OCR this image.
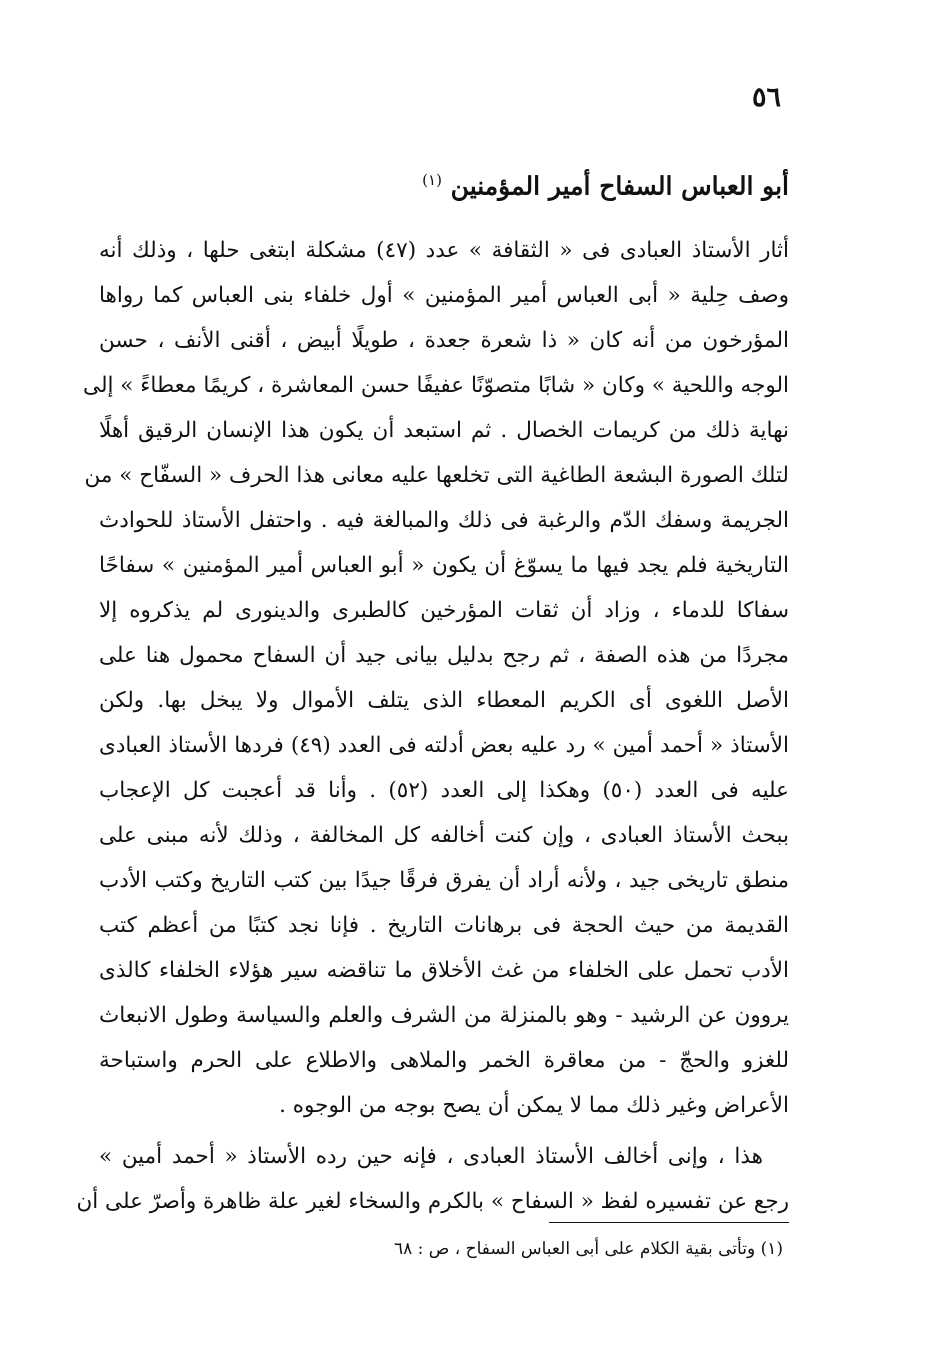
٥٦
أبو العباس السفاح أمير المؤمنين $^{(١)}$

أثار الأستاذ العبادى فى « الثقافة » عدد (٤٧) مشكلة ابتغى حلها ، وذلك أنه
وصف حِلية « أبى العباس أمير المؤمنين » أول خلفاء بنى العباس كما رواها
المؤرخون من أنه كان « ذا شعرة جعدة ، طويلًا أبيض ، أقنى الأنف ، حسن
الوجه واللحية » وكان « شابًا متصوّنًا عفيفًا حسن المعاشرة ، كريمًا معطاءً » إلى
نهاية ذلك من كريمات الخصال . ثم استبعد أن يكون هذا الإنسان الرقيق أهلًا
لتلك الصورة البشعة الطاغية التى تخلعها عليه معانى هذا الحرف « السفّاح » من
الجريمة وسفك الدّم والرغبة فى ذلك والمبالغة فيه . واحتفل الأستاذ للحوادث
التاريخية فلم يجد فيها ما يسوّغ أن يكون « أبو العباس أمير المؤمنين » سفاحًا
سفاكا للدماء ، وزاد أن ثقات المؤرخين كالطبرى والدينورى لم يذكروه إلا
مجردًا من هذه الصفة ، ثم رجح بدليل بيانى جيد أن السفاح محمول هنا على
الأصل اللغوى أى الكريم المعطاء الذى يتلف الأموال ولا يبخل بها. ولكن
الأستاذ « أحمد أمين » رد عليه بعض أدلته فى العدد (٤٩) فردها الأستاذ العبادى
عليه فى العدد (٥٠) وهكذا إلى العدد (٥٢) . وأنا قد أعجبت كل الإعجاب
ببحث الأستاذ العبادى ، وإن كنت أخالفه كل المخالفة ، وذلك لأنه مبنى على
منطق تاريخى جيد ، ولأنه أراد أن يفرق فرقًا جيدًا بين كتب التاريخ وكتب الأدب
القديمة من حيث الحجة فى برهانات التاريخ . فإنا نجد كتبًا من أعظم كتب
الأدب تحمل على الخلفاء من غث الأخلاق ما تناقضه سير هؤلاء الخلفاء كالذى
يروون عن الرشيد - وهو بالمنزلة من الشرف والعلم والسياسة وطول الانبعاث
للغزو والحجّ - من معاقرة الخمر والملاهى والاطلاع على الحرم واستباحة
الأعراض وغير ذلك مما لا يمكن أن يصح بوجه من الوجوه .

هذا ، وإنى أخالف الأستاذ العبادى ، فإنه حين رده الأستاذ « أحمد أمين »
رجع عن تفسيره لفظ « السفاح » بالكرم والسخاء لغير علة ظاهرة وأصرّ على أن

(١) وتأتى بقية الكلام على أبى العباس السفاح ، ص : ٦٨
